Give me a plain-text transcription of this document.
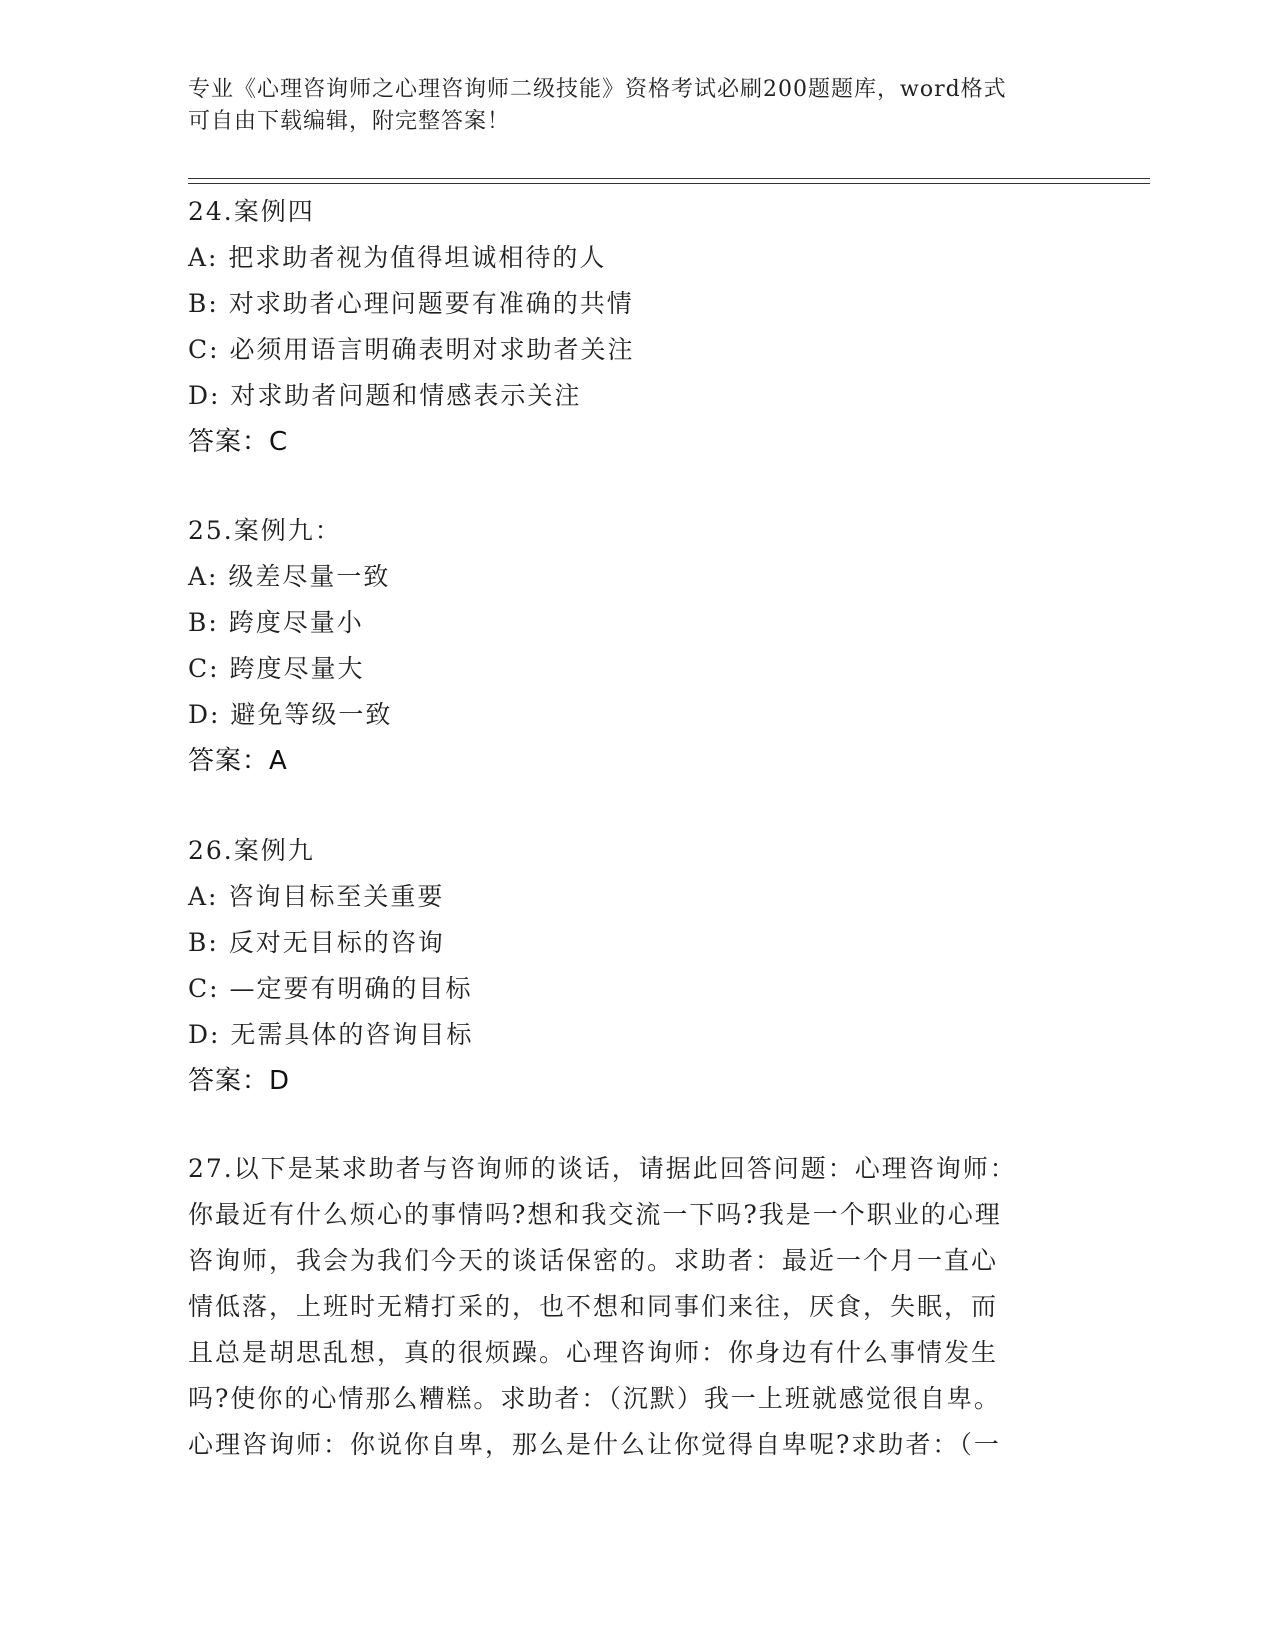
专业《心理咨询师之心理咨询师二级技能》资格考试必刷200题题库，word格式
可自由下载编辑，附完整答案！
24.案例四
A: 把求助者视为值得坦诚相待的人
B: 对求助者心理问题要有准确的共情
C: 必须用语言明确表明对求助者关注
D: 对求助者问题和情感表示关注
答案：C
25.案例九：
A: 级差尽量一致
B: 跨度尽量小
C: 跨度尽量大
D: 避免等级一致
答案：A
26.案例九
A: 咨询目标至关重要
B: 反对无目标的咨询
C: —定要有明确的目标
D: 无需具体的咨询目标
答案：D
27.以下是某求助者与咨询师的谈话，请据此回答问题：心理咨询师：
你最近有什么烦心的事情吗?想和我交流一下吗?我是一个职业的心理
咨询师，我会为我们今天的谈话保密的。求助者：最近一个月一直心
情低落，上班时无精打采的，也不想和同事们来往，厌食，失眠，而
且总是胡思乱想，真的很烦躁。心理咨询师：你身边有什么事情发生
吗?使你的心情那么糟糕。求助者：（沉默）我一上班就感觉很自卑。
心理咨询师：你说你自卑，那么是什么让你觉得自卑呢?求助者：（一
